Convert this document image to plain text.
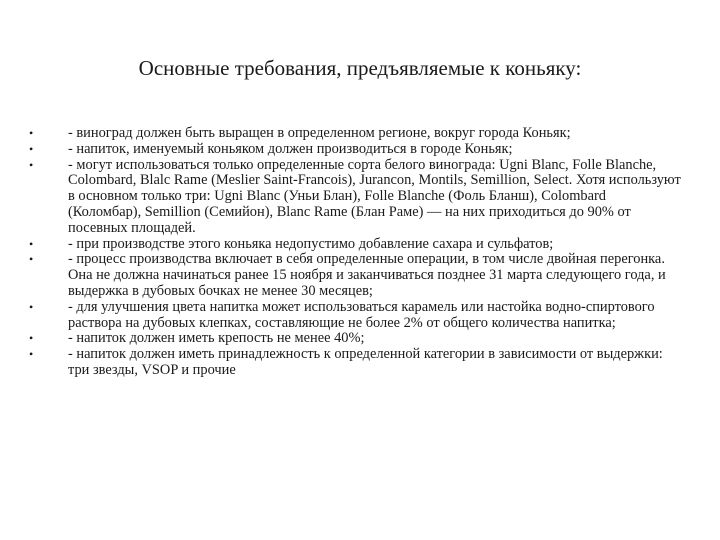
Основные требования, предъявляемые к коньяку:
• - виноград должен быть выращен в определенном регионе, вокруг города Коньяк;
• - напиток, именуемый коньяком должен производиться в городе Коньяк;
• - могут использоваться только определенные сорта белого винограда: Ugni Blanc, Folle Blanche, Colombard, Blalc Rame (Meslier Saint-Francois), Jurancon, Montils, Semillion, Select. Хотя используют в основном только три: Ugni Blanc (Уньи Блан), Folle Blanche (Фоль Бланш), Colombard (Коломбар), Semillion (Семийон), Blanc Rame (Блан Раме) — на них приходиться до 90% от посевных площадей.
• - при производстве этого коньяка недопустимо добавление сахара и сульфатов;
• - процесс производства включает в себя определенные операции, в том числе двойная перегонка. Она не должна начинаться ранее 15 ноября и заканчиваться позднее 31 марта следующего года, и выдержка в дубовых бочках не менее 30 месяцев;
• - для улучшения цвета напитка может использоваться карамель или настойка водно-спиртового раствора на дубовых клепках, составляющие не более 2% от общего количества напитка;
• - напиток должен иметь крепость не менее 40%;
• - напиток должен иметь принадлежность к определенной категории в зависимости от выдержки: три звезды, VSOP и прочие
